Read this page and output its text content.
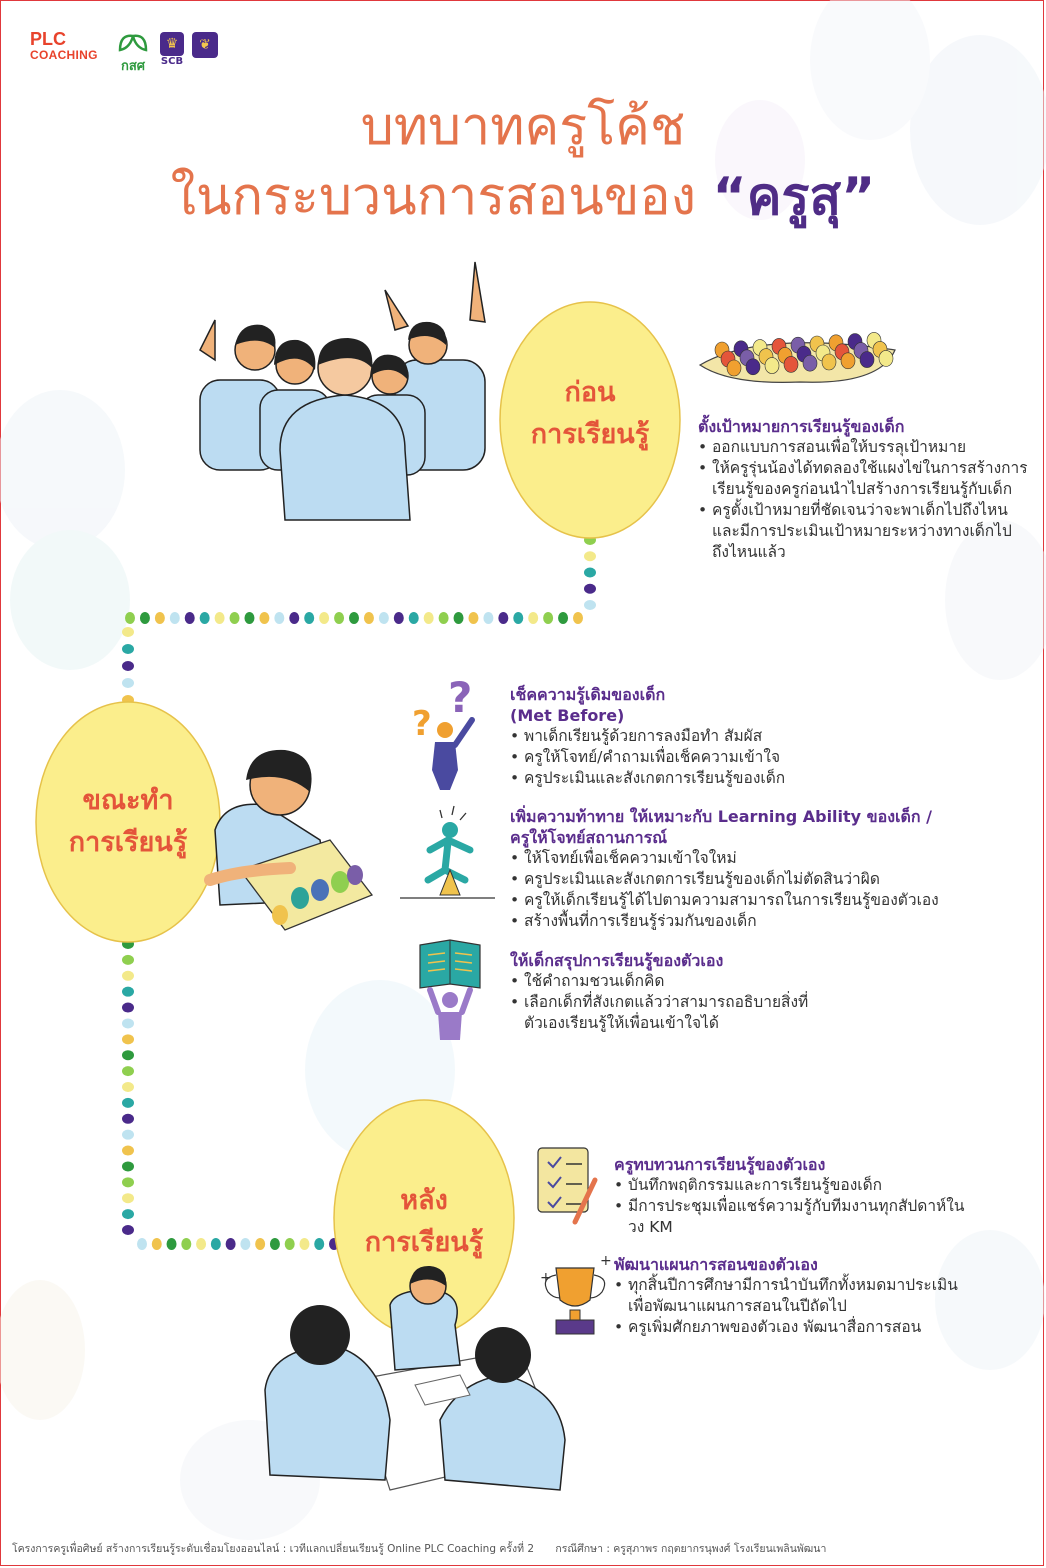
?
?
+
+
PLC
COACHING
กสศ
♛
SCB
❦
บทบาทครูโค้ช
ในกระบวนการสอนของ “ครูสุ”
ก่อน
การเรียนรู้
ขณะทำ
การเรียนรู้
หลัง
การเรียนรู้
ตั้งเป้าหมายการเรียนรู้ของเด็ก
• ออกแบบการสอนเพื่อให้บรรลุเป้าหมาย
• ให้ครูรุ่นน้องได้ทดลองใช้แผงไข่ในการสร้างการเรียนรู้ของครูก่อนนำไปสร้างการเรียนรู้กับเด็ก
• ครูตั้งเป้าหมายที่ชัดเจนว่าจะพาเด็กไปถึงไหน และมีการประเมินเป้าหมายระหว่างทางเด็กไปถึงไหนแล้ว
เช็คความรู้เดิมของเด็ก
(Met Before)
• พาเด็กเรียนรู้ด้วยการลงมือทำ สัมผัส
• ครูให้โจทย์/คำถามเพื่อเช็คความเข้าใจ
• ครูประเมินและสังเกตการเรียนรู้ของเด็ก
เพิ่มความท้าทาย ให้เหมาะกับ Learning Ability ของเด็ก /
ครูให้โจทย์สถานการณ์
• ให้โจทย์เพื่อเช็คความเข้าใจใหม่
• ครูประเมินและสังเกตการเรียนรู้ของเด็กไม่ตัดสินว่าผิด
• ครูให้เด็กเรียนรู้ได้ไปตามความสามารถในการเรียนรู้ของตัวเอง
• สร้างพื้นที่การเรียนรู้ร่วมกันของเด็ก
ให้เด็กสรุปการเรียนรู้ของตัวเอง
• ใช้คำถามชวนเด็กคิด
• เลือกเด็กที่สังเกตแล้วว่าสามารถอธิบายสิ่งที่ตัวเองเรียนรู้ให้เพื่อนเข้าใจได้
ครูทบทวนการเรียนรู้ของตัวเอง
• บันทึกพฤติกรรมและการเรียนรู้ของเด็ก
• มีการประชุมเพื่อแชร์ความรู้กับทีมงานทุกสัปดาห์ในวง KM
พัฒนาแผนการสอนของตัวเอง
• ทุกสิ้นปีการศึกษามีการนำบันทึกทั้งหมดมาประเมิน เพื่อพัฒนาแผนการสอนในปีถัดไป
• ครูเพิ่มศักยภาพของตัวเอง พัฒนาสื่อการสอน
โครงการครูเพื่อศิษย์ สร้างการเรียนรู้ระดับเชื่อมโยงออนไลน์ : เวทีแลกเปลี่ยนเรียนรู้ Online PLC Coaching ครั้งที่ 2 กรณีศึกษา : ครูสุภาพร กฤตยากรนุพงศ์ โรงเรียนเพลินพัฒนา
